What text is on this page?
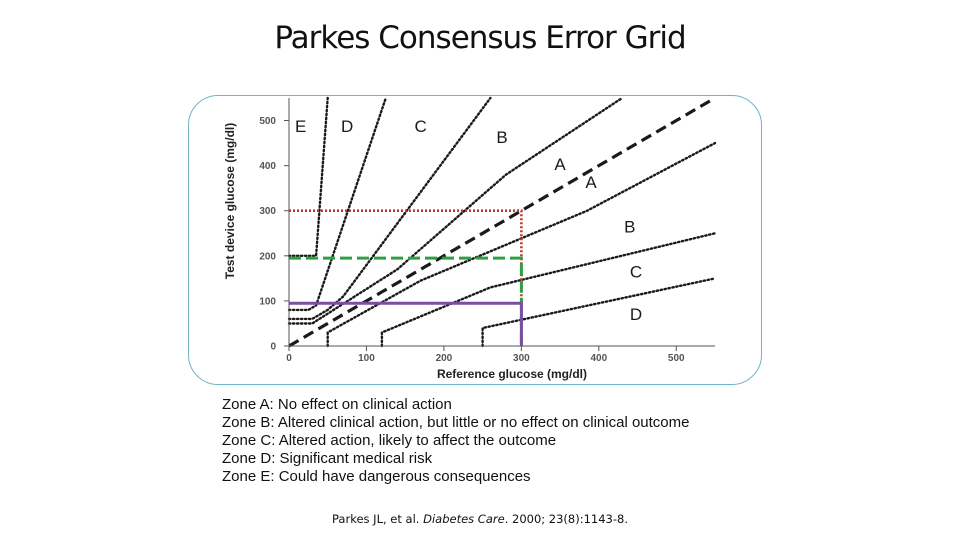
Parkes Consensus Error Grid
0	100	200	300	400	500
0
100
200
300
400
500 E D	C
B
A
A
B
C
D
Test device glucose (mg/dl)
Reference glucose (mg/dl)
Zone A: No effect on clinical action
Zone B: Altered clinical action, but little or no effect on clinical outcome
Zone C: Altered action, likely to affect the outcome
Zone D: Significant medical risk
Zone E: Could have dangerous consequences
Parkes JL, et al. Diabetes Care. 2000; 23(8):1143-8.
